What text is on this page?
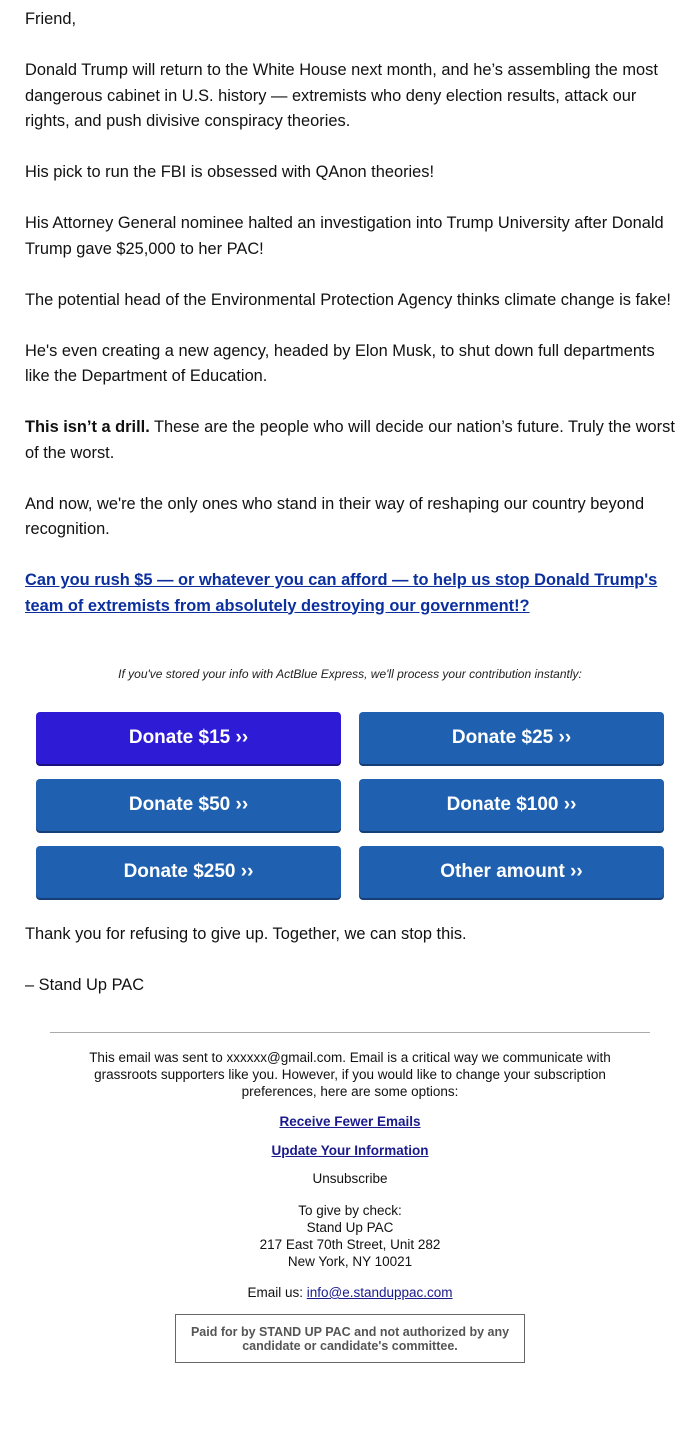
Friend,

Donald Trump will return to the White House next month, and he’s assembling the most dangerous cabinet in U.S. history — extremists who deny election results, attack our rights, and push divisive conspiracy theories.

His pick to run the FBI is obsessed with QAnon theories!

His Attorney General nominee halted an investigation into Trump University after Donald Trump gave $25,000 to her PAC!

The potential head of the Environmental Protection Agency thinks climate change is fake!

He's even creating a new agency, headed by Elon Musk, to shut down full departments like the Department of Education.

This isn’t a drill. These are the people who will decide our nation’s future. Truly the worst of the worst.

And now, we're the only ones who stand in their way of reshaping our country beyond recognition.

Can you rush $5 — or whatever you can afford — to help us stop Donald Trump's team of extremists from absolutely destroying our government!?

If you've stored your info with ActBlue Express, we'll process your contribution instantly:
Donate $15 ››	Donate $25 ››
Donate $50 ››	Donate $100 ››
Donate $250 ››	Other amount ››

Thank you for refusing to give up. Together, we can stop this.

– Stand Up PAC

This email was sent to xxxxxx@gmail.com. Email is a critical way we communicate with grassroots supporters like you. However, if you would like to change your subscription preferences, here are some options:
Receive Fewer Emails
Update Your Information
Unsubscribe
To give by check:
Stand Up PAC
217 East 70th Street, Unit 282
New York, NY 10021
Email us: info@e.standuppac.com
Paid for by STAND UP PAC and not authorized by any candidate or candidate's committee.
